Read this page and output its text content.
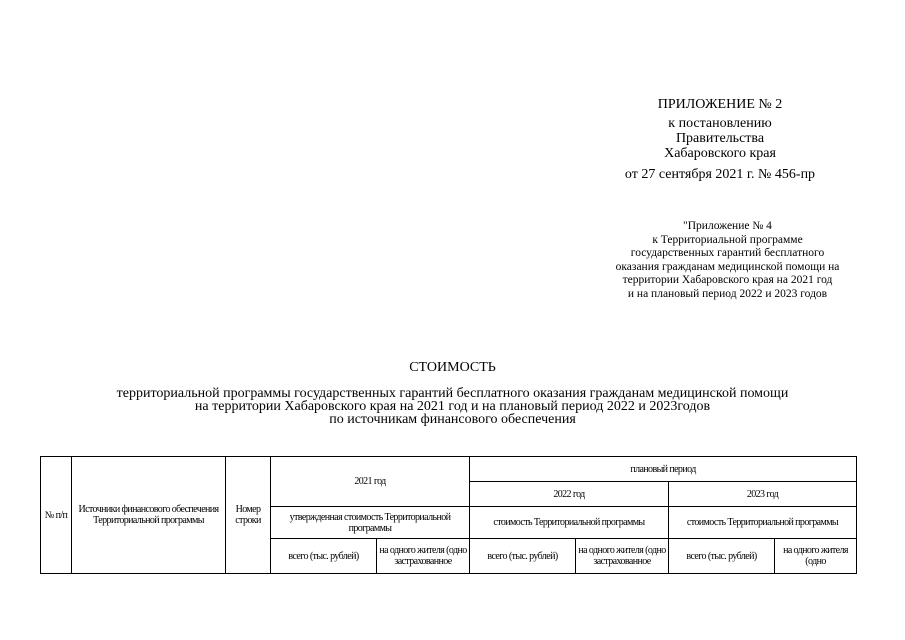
ПРИЛОЖЕНИЕ № 2
к постановлению
Правительства
Хабаровского края
от 27 сентября 2021 г. № 456-пр
"Приложение № 4
к Территориальной программе
государственных гарантий бесплатного
оказания гражданам медицинской помощи на
территории Хабаровского края на 2021 год
и на плановый период 2022 и 2023 годов
СТОИМОСТЬ
территориальной программы государственных гарантий бесплатного оказания гражданам медицинской помощи
на территории Хабаровского края на 2021 год и на плановый период 2022 и 2023годов
по источникам финансового обеспечения
№ п/п	Источники финансового обеспечения Территориальной программы	Номер строки	2021 год		плановый период			
					2022 год		2023 год	
			утвержденная стоимость Территориальной программы		стоимость Территориальной программы		стоимость Территориальной программы	
			всего (тыс. рублей)	на одного жителя (одно застрахованное	всего (тыс. рублей)	на одного жителя (одно застрахованное	всего (тыс. рублей)	на одного жителя (одно
